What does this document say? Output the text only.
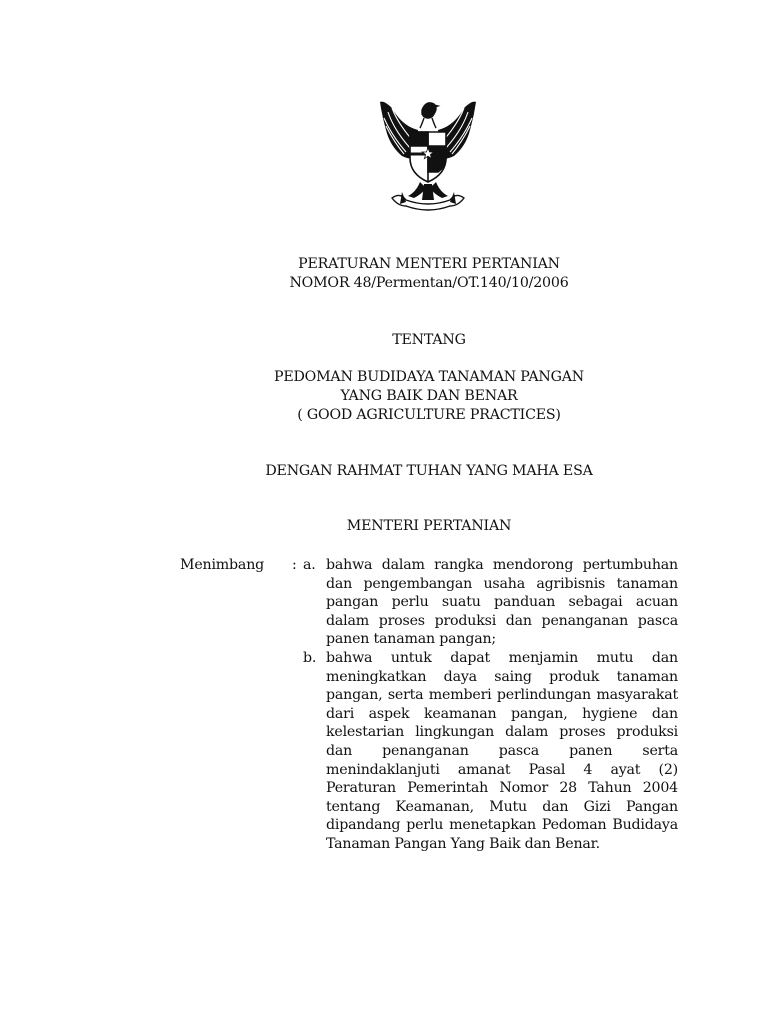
PERATURAN MENTERI PERTANIAN
NOMOR 48/Permentan/OT.140/10/2006
TENTANG
PEDOMAN BUDIDAYA TANAMAN PANGAN
YANG BAIK DAN BENAR
( GOOD AGRICULTURE PRACTICES)
DENGAN RAHMAT TUHAN YANG MAHA ESA
MENTERI PERTANIAN
Menimbang : a. bahwa dalam rangka mendorong pertumbuhan dan pengembangan usaha agribisnis tanaman pangan perlu suatu panduan sebagai acuan dalam proses produksi dan penanganan pasca panen tanaman pangan;
b. bahwa untuk dapat menjamin mutu dan meningkatkan daya saing produk tanaman pangan, serta memberi perlindungan masyarakat dari aspek keamanan pangan, hygiene dan kelestarian lingkungan dalam proses produksi dan penanganan pasca panen serta menindaklanjuti amanat Pasal 4 ayat (2) Peraturan Pemerintah Nomor 28 Tahun 2004 tentang Keamanan, Mutu dan Gizi Pangan dipandang perlu menetapkan Pedoman Budidaya Tanaman Pangan Yang Baik dan Benar.
